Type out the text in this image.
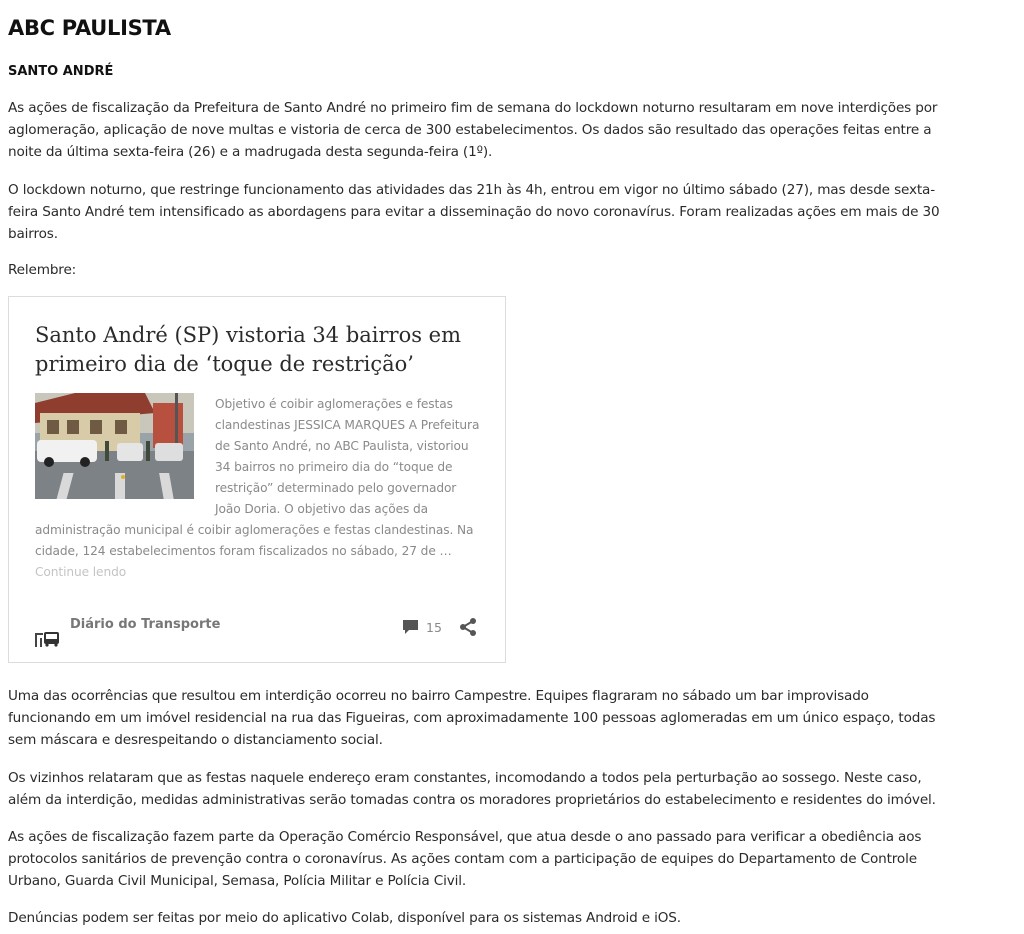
ABC PAULISTA
SANTO ANDRÉ

As ações de fiscalização da Prefeitura de Santo André no primeiro fim de semana do lockdown noturno resultaram em nove interdições por aglomeração, aplicação de nove multas e vistoria de cerca de 300 estabelecimentos. Os dados são resultado das operações feitas entre a noite da última sexta-feira (26) e a madrugada desta segunda-feira (1º).

O lockdown noturno, que restringe funcionamento das atividades das 21h às 4h, entrou em vigor no último sábado (27), mas desde sexta-feira Santo André tem intensificado as abordagens para evitar a disseminação do novo coronavírus. Foram realizadas ações em mais de 30 bairros.

Relembre:

Santo André (SP) vistoria 34 bairros em primeiro dia de ‘toque de restrição’

Objetivo é coibir aglomerações e festas clandestinas JESSICA MARQUES A Prefeitura de Santo André, no ABC Paulista, vistoriou 34 bairros no primeiro dia do “toque de restrição” determinado pelo governador João Doria. O objetivo das ações da administração municipal é coibir aglomerações e festas clandestinas. Na cidade, 124 estabelecimentos foram fiscalizados no sábado, 27 de … Continue lendo

Diário do Transporte	15

Uma das ocorrências que resultou em interdição ocorreu no bairro Campestre. Equipes flagraram no sábado um bar improvisado funcionando em um imóvel residencial na rua das Figueiras, com aproximadamente 100 pessoas aglomeradas em um único espaço, todas sem máscara e desrespeitando o distanciamento social.

Os vizinhos relataram que as festas naquele endereço eram constantes, incomodando a todos pela perturbação ao sossego. Neste caso, além da interdição, medidas administrativas serão tomadas contra os moradores proprietários do estabelecimento e residentes do imóvel.

As ações de fiscalização fazem parte da Operação Comércio Responsável, que atua desde o ano passado para verificar a obediência aos protocolos sanitários de prevenção contra o coronavírus. As ações contam com a participação de equipes do Departamento de Controle Urbano, Guarda Civil Municipal, Semasa, Polícia Militar e Polícia Civil.

Denúncias podem ser feitas por meio do aplicativo Colab, disponível para os sistemas Android e iOS.
